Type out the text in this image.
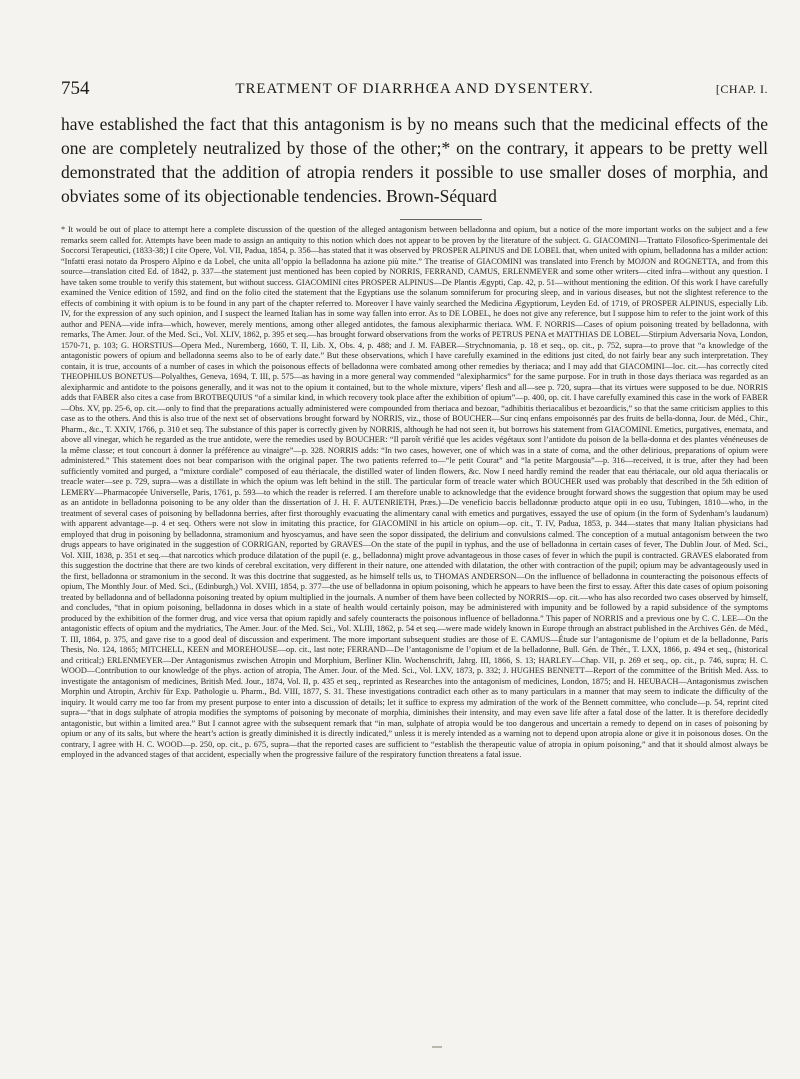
754	TREATMENT OF DIARRHŒA AND DYSENTERY.	[CHAP. I.

have established the fact that this antagonism is by no means such that the medicinal effects of the one are completely neutralized by those of the other;* on the contrary, it appears to be pretty well demonstrated that the addition of atropia renders it possible to use smaller doses of morphia, and obviates some of its objectionable tendencies. Brown-Séquard

* It would be out of place to attempt here a complete discussion of the question of the alleged antagonism between belladonna and opium, but a notice of the more important works on the subject and a few remarks seem called for. Attempts have been made to assign an antiquity to this notion which does not appear to be proven by the literature of the subject. G. GIACOMINI—Trattato Filosofico-Sperimentale dei Soccorsi Terapeutici, (1833-38;) I cite Opere, Vol. VII, Padua, 1854, p. 356—has stated that it was observed by PROSPER ALPINUS and DE LOBEL that, when united with opium, belladonna has a milder action: “Infatti erasi notato da Prospero Alpino e da Lobel, che unita all’oppio la belladonna ha azione più mite.” The treatise of GIACOMINI was translated into French by MOJON and ROGNETTA, and from this source—translation cited Ed. of 1842, p. 337—the statement just mentioned has been copied by NORRIS, FERRAND, CAMUS, ERLENMEYER and some other writers—cited infra—without any question. I have taken some trouble to verify this statement, but without success. GIACOMINI cites PROSPER ALPINUS—De Plantis Ægypti, Cap. 42, p. 51—without mentioning the edition. Of this work I have carefully examined the Venice edition of 1592, and find on the folio cited the statement that the Egyptians use the solanum somniferum for procuring sleep, and in various diseases, but not the slightest reference to the effects of combining it with opium is to be found in any part of the chapter referred to. Moreover I have vainly searched the Medicina Ægyptiorum, Leyden Ed. of 1719, of PROSPER ALPINUS, especially Lib. IV, for the expression of any such opinion, and I suspect the learned Italian has in some way fallen into error. As to DE LOBEL, he does not give any reference, but I suppose him to refer to the joint work of this author and PENA—vide infra—which, however, merely mentions, among other alleged antidotes, the famous alexipharmic theriaca. WM. F. NORRIS—Cases of opium poisoning treated by belladonna, with remarks, The Amer. Jour. of the Med. Sci., Vol. XLIV, 1862, p. 395 et seq.—has brought forward observations from the works of PETRUS PENA et MATTHIAS DE LOBEL—Stirpium Adversaria Nova, London, 1570-71, p. 103; G. HORSTIUS—Opera Med., Nuremberg, 1660, T. II, Lib. X, Obs. 4, p. 488; and J. M. FABER—Strychnomania, p. 18 et seq., op. cit., p. 752, supra—to prove that “a knowledge of the antagonistic powers of opium and belladonna seems also to be of early date.” But these observations, which I have carefully examined in the editions just cited, do not fairly bear any such interpretation. They contain, it is true, accounts of a number of cases in which the poisonous effects of belladonna were combated among other remedies by theriaca; and I may add that GIACOMINI—loc. cit.—has correctly cited THEOPHILUS BONETUS—Polyalthes, Geneva, 1694, T. III, p. 575—as having in a more general way commended “alexipharmics” for the same purpose. For in truth in those days theriaca was regarded as an alexipharmic and antidote to the poisons generally, and it was not to the opium it contained, but to the whole mixture, vipers’ flesh and all—see p. 720, supra—that its virtues were supposed to be due. NORRIS adds that FABER also cites a case from BROTBEQUIUS “of a similar kind, in which recovery took place after the exhibition of opium”—p. 400, op. cit. I have carefully examined this case in the work of FABER—Obs. XV, pp. 25-6, op. cit.—only to find that the preparations actually administered were compounded from theriaca and bezoar, “adhibitis theriacalibus et bezoardicis,” so that the same criticism applies to this case as to the others. And this is also true of the next set of observations brought forward by NORRIS, viz., those of BOUCHER—Sur cinq enfans empoisonnés par des fruits de bella-donna, Jour. de Méd., Chir., Pharm., &c., T. XXIV, 1766, p. 310 et seq. The substance of this paper is correctly given by NORRIS, although he had not seen it, but borrows his statement from GIACOMINI. Emetics, purgatives, enemata, and above all vinegar, which he regarded as the true antidote, were the remedies used by BOUCHER: “Il paroît vérifié que les acides végétaux sont l’antidote du poison de la bella-donna et des plantes vénéneuses de la même classe; et tout concourt à donner la préférence au vinaigre”—p. 328. NORRIS adds: “In two cases, however, one of which was in a state of coma, and the other delirious, preparations of opium were administered.” This statement does not bear comparison with the original paper. The two patients referred to—“le petit Courat” and “la petite Margousia”—p. 316—received, it is true, after they had been sufficiently vomited and purged, a “mixture cordiale” composed of eau thériacale, the distilled water of linden flowers, &c. Now I need hardly remind the reader that eau thériacale, our old aqua theriacalis or treacle water—see p. 729, supra—was a distillate in which the opium was left behind in the still. The particular form of treacle water which BOUCHER used was probably that described in the 5th edition of LEMERY—Pharmacopée Universelle, Paris, 1761, p. 593—to which the reader is referred. I am therefore unable to acknowledge that the evidence brought forward shows the suggestion that opium may be used as an antidote in belladonna poisoning to be any older than the dissertation of J. H. F. AUTENRIETH, Præs.)—De veneficio baccis belladonnæ producto atque opii in eo usu, Tubingen, 1810—who, in the treatment of several cases of poisoning by belladonna berries, after first thoroughly evacuating the alimentary canal with emetics and purgatives, essayed the use of opium (in the form of Sydenham’s laudanum) with apparent advantage—p. 4 et seq. Others were not slow in imitating this practice, for GIACOMINI in his article on opium—op. cit., T. IV, Padua, 1853, p. 344—states that many Italian physicians had employed that drug in poisoning by belladonna, stramonium and hyoscyamus, and have seen the sopor dissipated, the delirium and convulsions calmed. The conception of a mutual antagonism between the two drugs appears to have originated in the suggestion of CORRIGAN, reported by GRAVES—On the state of the pupil in typhus, and the use of belladonna in certain cases of fever, The Dublin Jour. of Med. Sci., Vol. XIII, 1838, p. 351 et seq.—that narcotics which produce dilatation of the pupil (e. g., belladonna) might prove advantageous in those cases of fever in which the pupil is contracted. GRAVES elaborated from this suggestion the doctrine that there are two kinds of cerebral excitation, very different in their nature, one attended with dilatation, the other with contraction of the pupil; opium may be advantageously used in the first, belladonna or stramonium in the second. It was this doctrine that suggested, as he himself tells us, to THOMAS ANDERSON—On the influence of belladonna in counteracting the poisonous effects of opium, The Monthly Jour. of Med. Sci., (Edinburgh,) Vol. XVIII, 1854, p. 377—the use of belladonna in opium poisoning, which he appears to have been the first to essay. After this date cases of opium poisoning treated by belladonna and of belladonna poisoning treated by opium multiplied in the journals. A number of them have been collected by NORRIS—op. cit.—who has also recorded two cases observed by himself, and concludes, “that in opium poisoning, belladonna in doses which in a state of health would certainly poison, may be administered with impunity and be followed by a rapid subsidence of the symptoms produced by the exhibition of the former drug, and vice versa that opium rapidly and safely counteracts the poisonous influence of belladonna.” This paper of NORRIS and a previous one by C. C. LEE—On the antagonistic effects of opium and the mydriatics, The Amer. Jour. of the Med. Sci., Vol. XLIII, 1862, p. 54 et seq.—were made widely known in Europe through an abstract published in the Archives Gén. de Méd., T. III, 1864, p. 375, and gave rise to a good deal of discussion and experiment. The more important subsequent studies are those of E. CAMUS—Étude sur l’antagonisme de l’opium et de la belladonne, Paris Thesis, No. 124, 1865; MITCHELL, KEEN and MOREHOUSE—op. cit., last note; FERRAND—De l’antagonisme de l’opium et de la belladonne, Bull. Gén. de Thér., T. LXX, 1866, p. 494 et seq., (historical and critical;) ERLENMEYER—Der Antagonismus zwischen Atropin und Morphium, Berliner Klin. Wochenschrift, Jahrg. III, 1866, S. 13; HARLEY—Chap. VII, p. 269 et seq., op. cit., p. 746, supra; H. C. WOOD—Contribution to our knowledge of the phys. action of atropia, The Amer. Jour. of the Med. Sci., Vol. LXV, 1873, p. 332; J. HUGHES BENNETT—Report of the committee of the British Med. Ass. to investigate the antagonism of medicines, British Med. Jour., 1874, Vol. II, p. 435 et seq., reprinted as Researches into the antagonism of medicines, London, 1875; and H. HEUBACH—Antagonismus zwischen Morphin und Atropin, Archiv für Exp. Pathologie u. Pharm., Bd. VIII, 1877, S. 31. These investigations contradict each other as to many particulars in a manner that may seem to indicate the difficulty of the inquiry. It would carry me too far from my present purpose to enter into a discussion of details; let it suffice to express my admiration of the work of the Bennett committee, who conclude—p. 54, reprint cited supra—“that in dogs sulphate of atropia modifies the symptoms of poisoning by meconate of morphia, diminishes their intensity, and may even save life after a fatal dose of the latter. It is therefore decidedly antagonistic, but within a limited area.” But I cannot agree with the subsequent remark that “in man, sulphate of atropia would be too dangerous and uncertain a remedy to depend on in cases of poisoning by opium or any of its salts, but where the heart’s action is greatly diminished it is directly indicated,” unless it is merely intended as a warning not to depend upon atropia alone or give it in poisonous doses. On the contrary, I agree with H. C. WOOD—p. 250, op. cit., p. 675, supra—that the reported cases are sufficient to “establish the therapeutic value of atropia in opium poisoning,” and that it should almost always be employed in the advanced stages of that accident, especially when the progressive failure of the respiratory function threatens a fatal issue.
